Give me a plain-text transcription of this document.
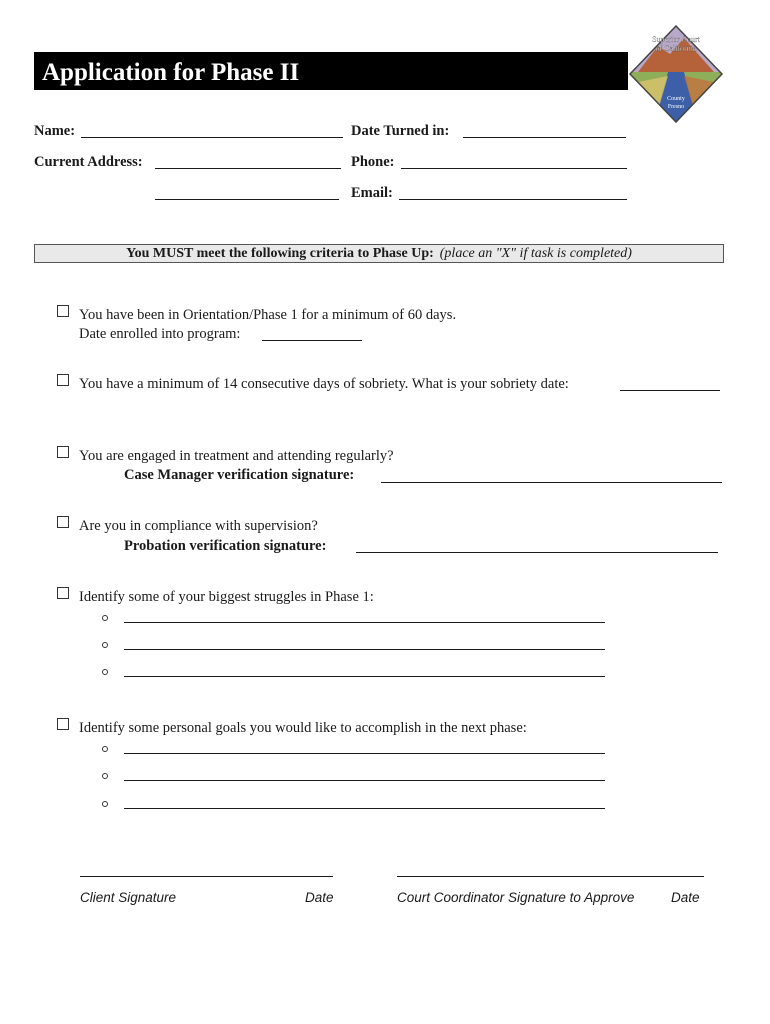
Application for Phase II
Superior Court
of California
County
Fresno
Name:	Date Turned in:
Current Address:	Phone:
Email:
You MUST meet the following criteria to Phase Up: (place an "X" if task is completed)
You have been in Orientation/Phase 1 for a minimum of 60 days.
Date enrolled into program:
You have a minimum of 14 consecutive days of sobriety. What is your sobriety date:
You are engaged in treatment and attending regularly?
Case Manager verification signature:
Are you in compliance with supervision?
Probation verification signature:
Identify some of your biggest struggles in Phase 1:
Identify some personal goals you would like to accomplish in the next phase:
Client Signature	Date	Court Coordinator Signature to Approve	Date
